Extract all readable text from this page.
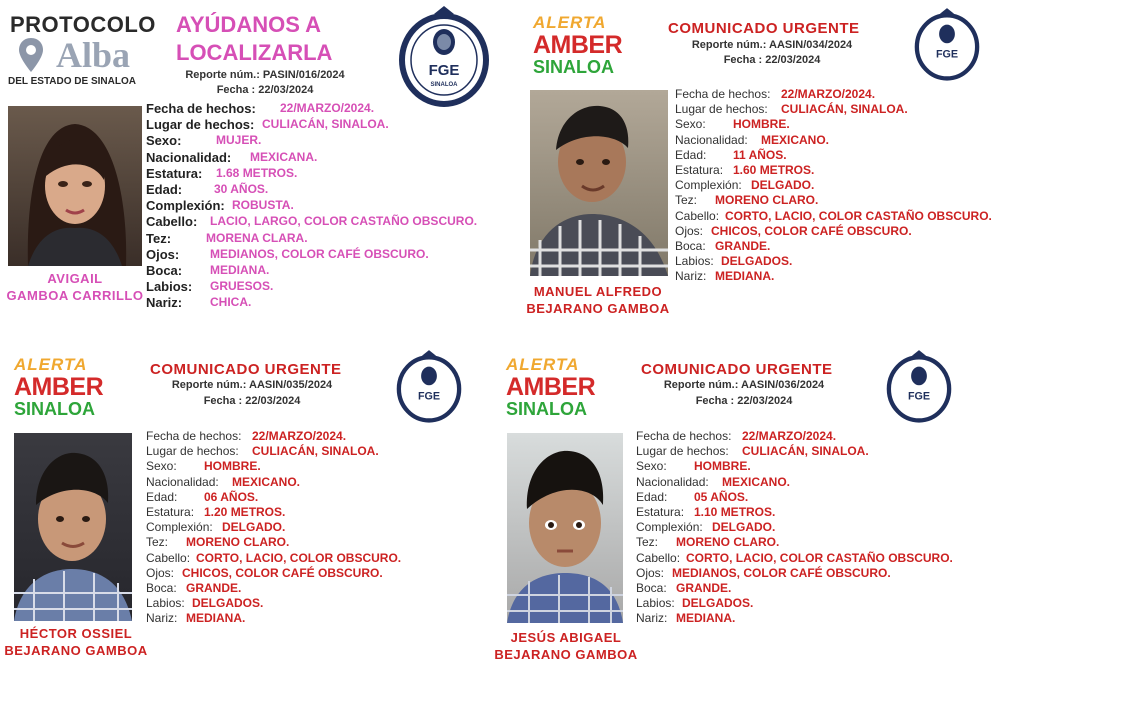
PROTOCOLO
Alba
DEL ESTADO DE SINALOA
AYÚDANOS A
LOCALIZARLA
Reporte núm.: PASIN/016/2024
Fecha : 22/03/2024
FGE
SINALOA
AVIGAIL
GAMBOA CARRILLO
Fecha de hechos: 22/MARZO/2024.
Lugar de hechos: CULIACÁN, SINALOA.
Sexo:	MUJER.
Nacionalidad: MEXICANA.
Estatura: 1.68 METROS.
Edad:	30 AÑOS.
Complexión: ROBUSTA.
Cabello: LACIO, LARGO, COLOR CASTAÑO OBSCURO.
Tez:	MORENA CLARA.
Ojos:	MEDIANOS, COLOR CAFÉ OBSCURO.
Boca: MEDIANA.
Labios: GRUESOS.
Nariz: CHICA.
ALERTA
AMBER
SINALOA
COMUNICADO URGENTE
Reporte núm.: AASIN/034/2024
Fecha : 22/03/2024	FGE
MANUEL ALFREDO
BEJARANO GAMBOA
Fecha de hechos: 22/MARZO/2024.
Lugar de hechos: CULIACÁN, SINALOA.
Sexo: HOMBRE.
Nacionalidad: MEXICANO.
Edad: 11 AÑOS.
Estatura: 1.60 METROS.
Complexión: DELGADO.
Tez: MORENO CLARO.
Cabello: CORTO, LACIO, COLOR CASTAÑO OBSCURO.
Ojos: CHICOS, COLOR CAFÉ OBSCURO.
Boca: GRANDE.
Labios: DELGADOS.
Nariz: MEDIANA.
ALERTA
AMBER
SINALOA
COMUNICADO URGENTE
Reporte núm.: AASIN/035/2024
Fecha : 22/03/2024	FGE
HÉCTOR OSSIEL
BEJARANO GAMBOA
Fecha de hechos: 22/MARZO/2024.
Lugar de hechos: CULIACÁN, SINALOA.
Sexo: HOMBRE.
Nacionalidad: MEXICANO.
Edad: 06 AÑOS.
Estatura: 1.20 METROS.
Complexión: DELGADO.
Tez: MORENO CLARO.
Cabello: CORTO, LACIO, COLOR OBSCURO.
Ojos: CHICOS, COLOR CAFÉ OBSCURO.
Boca: GRANDE.
Labios: DELGADOS.
Nariz: MEDIANA.
ALERTA
AMBER
SINALOA
COMUNICADO URGENTE
Reporte núm.: AASIN/036/2024
Fecha : 22/03/2024	FGE
JESÚS ABIGAEL
BEJARANO GAMBOA
Fecha de hechos: 22/MARZO/2024.
Lugar de hechos: CULIACÁN, SINALOA.
Sexo: HOMBRE.
Nacionalidad: MEXICANO.
Edad: 05 AÑOS.
Estatura: 1.10 METROS.
Complexión: DELGADO.
Tez: MORENO CLARO.
Cabello: CORTO, LACIO, COLOR CASTAÑO OBSCURO.
Ojos: MEDIANOS, COLOR CAFÉ OBSCURO.
Boca: GRANDE.
Labios: DELGADOS.
Nariz: MEDIANA.
